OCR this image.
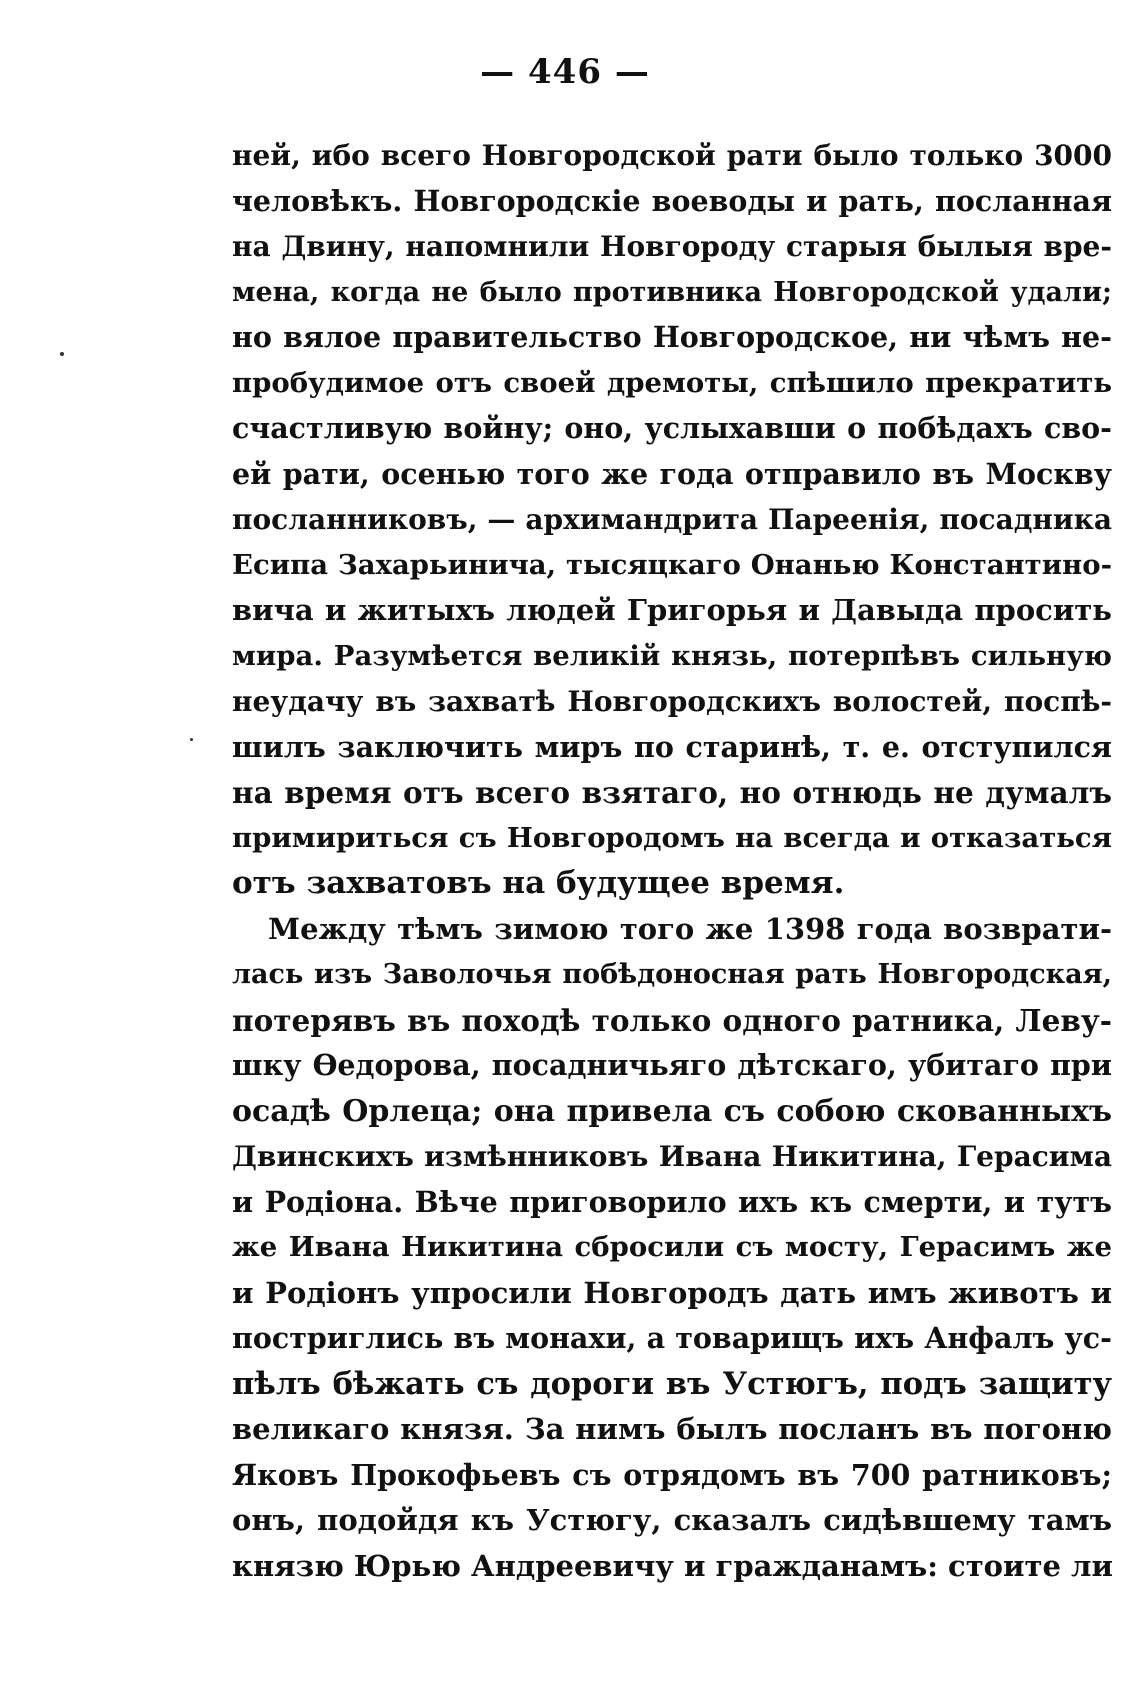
— 446 —
ней, ибо всего Новгородской рати было только 3000
человѣкъ. Новгородскіе воеводы и рать, посланная
на Двину, напомнили Новгороду старыя былыя вре-
мена, когда не было противника Новгородской удали;
но вялое правительство Новгородское, ни чѣмъ не-
пробудимое отъ своей дремоты, спѣшило прекратить
счастливую войну; оно, услыхавши о побѣдахъ сво-
ей рати, осенью того же года отправило въ Москву
посланниковъ, — архимандрита Пареенія, посадника
Есипа Захарьинича, тысяцкаго Онанью Константино-
вича и житыхъ людей Григорья и Давыда просить
мира. Разумѣется великій князь, потерпѣвъ сильную
неудачу въ захватѣ Новгородскихъ волостей, поспѣ-
шилъ заключить миръ по старинѣ, т. е. отступился
на время отъ всего взятаго, но отнюдь не думалъ
примириться съ Новгородомъ на всегда и отказаться
отъ захватовъ на будущее время.
Между тѣмъ зимою того же 1398 года возврати-
лась изъ Заволочья побѣдоносная рать Новгородская,
потерявъ въ походѣ только одного ратника, Леву-
шку Ѳедорова, посадничьяго дѣтскаго, убитаго при
осадѣ Орлеца; она привела съ собою скованныхъ
Двинскихъ измѣнниковъ Ивана Никитина, Герасима
и Родіона. Вѣче приговорило ихъ къ смерти, и тутъ
же Ивана Никитина сбросили съ мосту, Герасимъ же
и Родіонъ упросили Новгородъ дать имъ животъ и
постриглись въ монахи, а товарищъ ихъ Анфалъ ус-
пѣлъ бѣжать съ дороги въ Устюгъ, подъ защиту
великаго князя. За нимъ былъ посланъ въ погоню
Яковъ Прокофьевъ съ отрядомъ въ 700 ратниковъ;
онъ, подойдя къ Устюгу, сказалъ сидѣвшему тамъ
князю Юрью Андреевичу и гражданамъ: стоите ли
